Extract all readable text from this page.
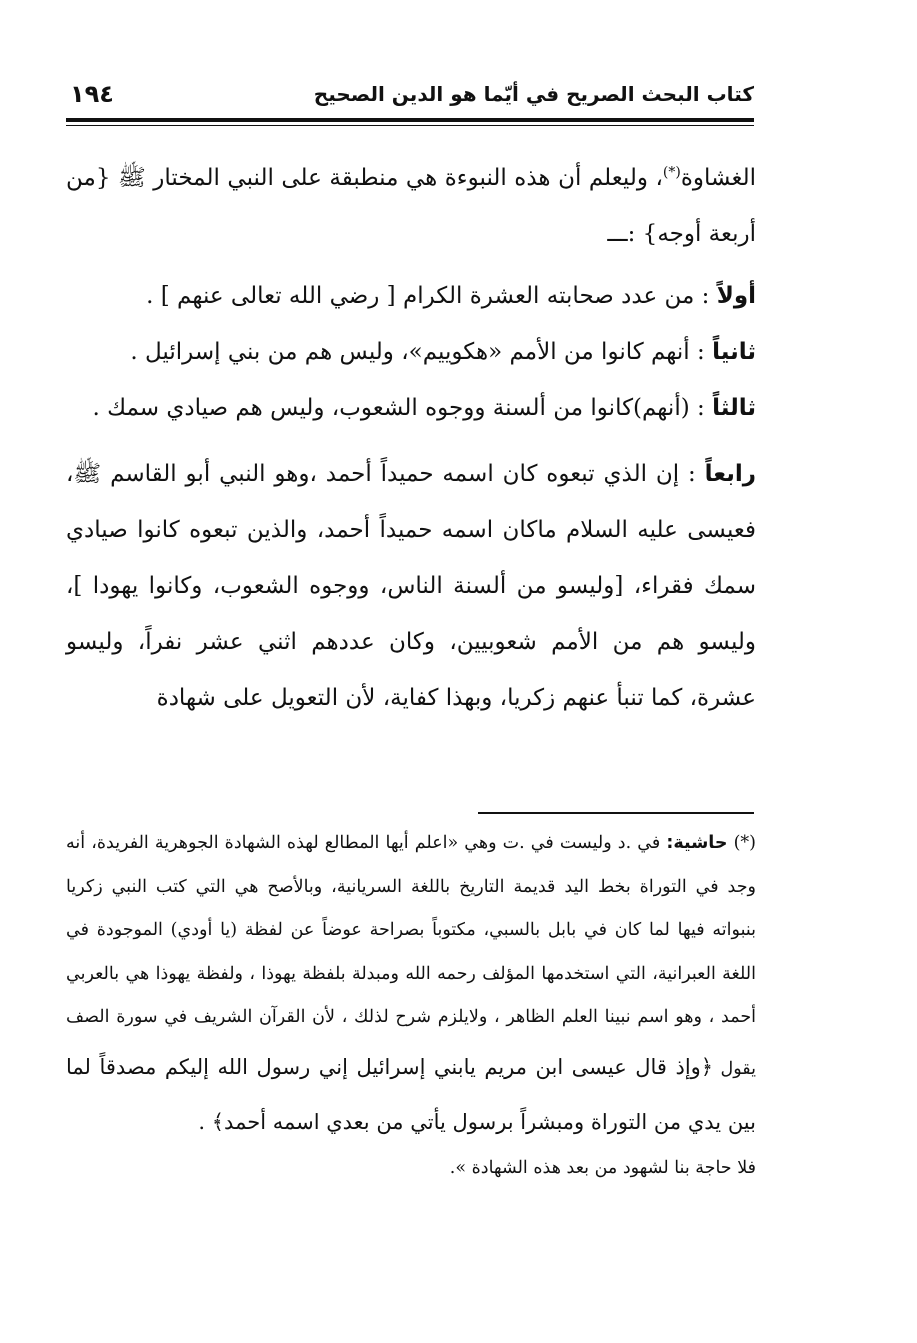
كتاب البحث الصريح في أيّما هو الدين الصحيح
١٩٤

الغشاوة(*)، وليعلم أن هذه النبوءة هي منطبقة على النبي المختار ﷺ {من أربعة أوجه} :ـــ

أولاً : من عدد صحابته العشرة الكرام [ رضي الله تعالى عنهم ] .

ثانياً : أنهم كانوا من الأمم «هكوييم»، وليس هم من بني إسرائيل .

ثالثاً : (أنهم)كانوا من ألسنة ووجوه الشعوب، وليس هم صيادي سمك .

رابعاً : إن الذي تبعوه كان اسمه حميداً أحمد ،وهو النبي أبو القاسم ﷺ، فعيسى عليه السلام ماكان اسمه حميداً أحمد، والذين تبعوه كانوا صيادي سمك فقراء، [وليسو من ألسنة الناس، ووجوه الشعوب، وكانوا يهودا ]، وليسو هم من الأمم شعوبيين، وكان عددهم اثني عشر نفراً، وليسو عشرة، كما تنبأ عنهم زكريا، وبهذا كفاية، لأن التعويل على شهادة

(*) حاشية: في .د وليست في .ت وهي «اعلم أيها المطالع لهذه الشهادة الجوهرية الفريدة، أنه وجد في التوراة بخط اليد قديمة التاريخ باللغة السريانية، وبالأصح هي التي كتب النبي زكريا بنبواته فيها لما كان في بابل بالسبي، مكتوباً بصراحة عوضاً عن لفظة (يا أودي) الموجودة في اللغة العبرانية، التي استخدمها المؤلف رحمه الله ومبدلة بلفظة يهوذا ، ولفظة يهوذا هي بالعربي أحمد ، وهو اسم نبينا العلم الظاهر ، ولايلزم شرح لذلك ، لأن القرآن الشريف في سورة الصف يقول ﴿وإذ قال عيسى ابن مريم يابني إسرائيل إني رسول الله إليكم مصدقاً لما بين يدي من التوراة ومبشراً برسول يأتي من بعدي اسمه أحمد﴾ .

فلا حاجة بنا لشهود من بعد هذه الشهادة ».
